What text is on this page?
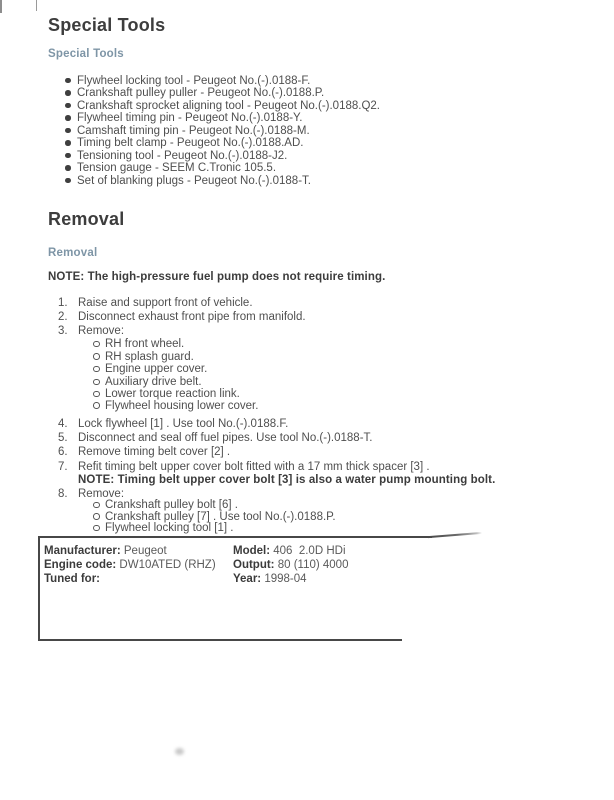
Special Tools
Special Tools
Flywheel locking tool - Peugeot No.(-).0188-F.
Crankshaft pulley puller - Peugeot No.(-).0188.P.
Crankshaft sprocket aligning tool - Peugeot No.(-).0188.Q2.
Flywheel timing pin - Peugeot No.(-).0188-Y.
Camshaft timing pin - Peugeot No.(-).0188-M.
Timing belt clamp - Peugeot No.(-).0188.AD.
Tensioning tool - Peugeot No.(-).0188-J2.
Tension gauge - SEEM C.Tronic 105.5.
Set of blanking plugs - Peugeot No.(-).0188-T.
Removal
Removal
NOTE: The high-pressure fuel pump does not require timing.
1. Raise and support front of vehicle.
2. Disconnect exhaust front pipe from manifold.
3. Remove:
RH front wheel.
RH splash guard.
Engine upper cover.
Auxiliary drive belt.
Lower torque reaction link.
Flywheel housing lower cover.
4. Lock flywheel [1] . Use tool No.(-).0188.F.
5. Disconnect and seal off fuel pipes. Use tool No.(-).0188-T.
6. Remove timing belt cover [2] .
7. Refit timing belt upper cover bolt fitted with a 17 mm thick spacer [3] .
NOTE: Timing belt upper cover bolt [3] is also a water pump mounting bolt.
8. Remove:
Crankshaft pulley bolt [6] .
Crankshaft pulley [7] . Use tool No.(-).0188.P.
Flywheel locking tool [1] .
Manufacturer: Peugeot	Model: 406  2.0D HDi
Engine code: DW10ATED (RHZ) Output: 80 (110) 4000
Tuned for:	Year: 1998-04
